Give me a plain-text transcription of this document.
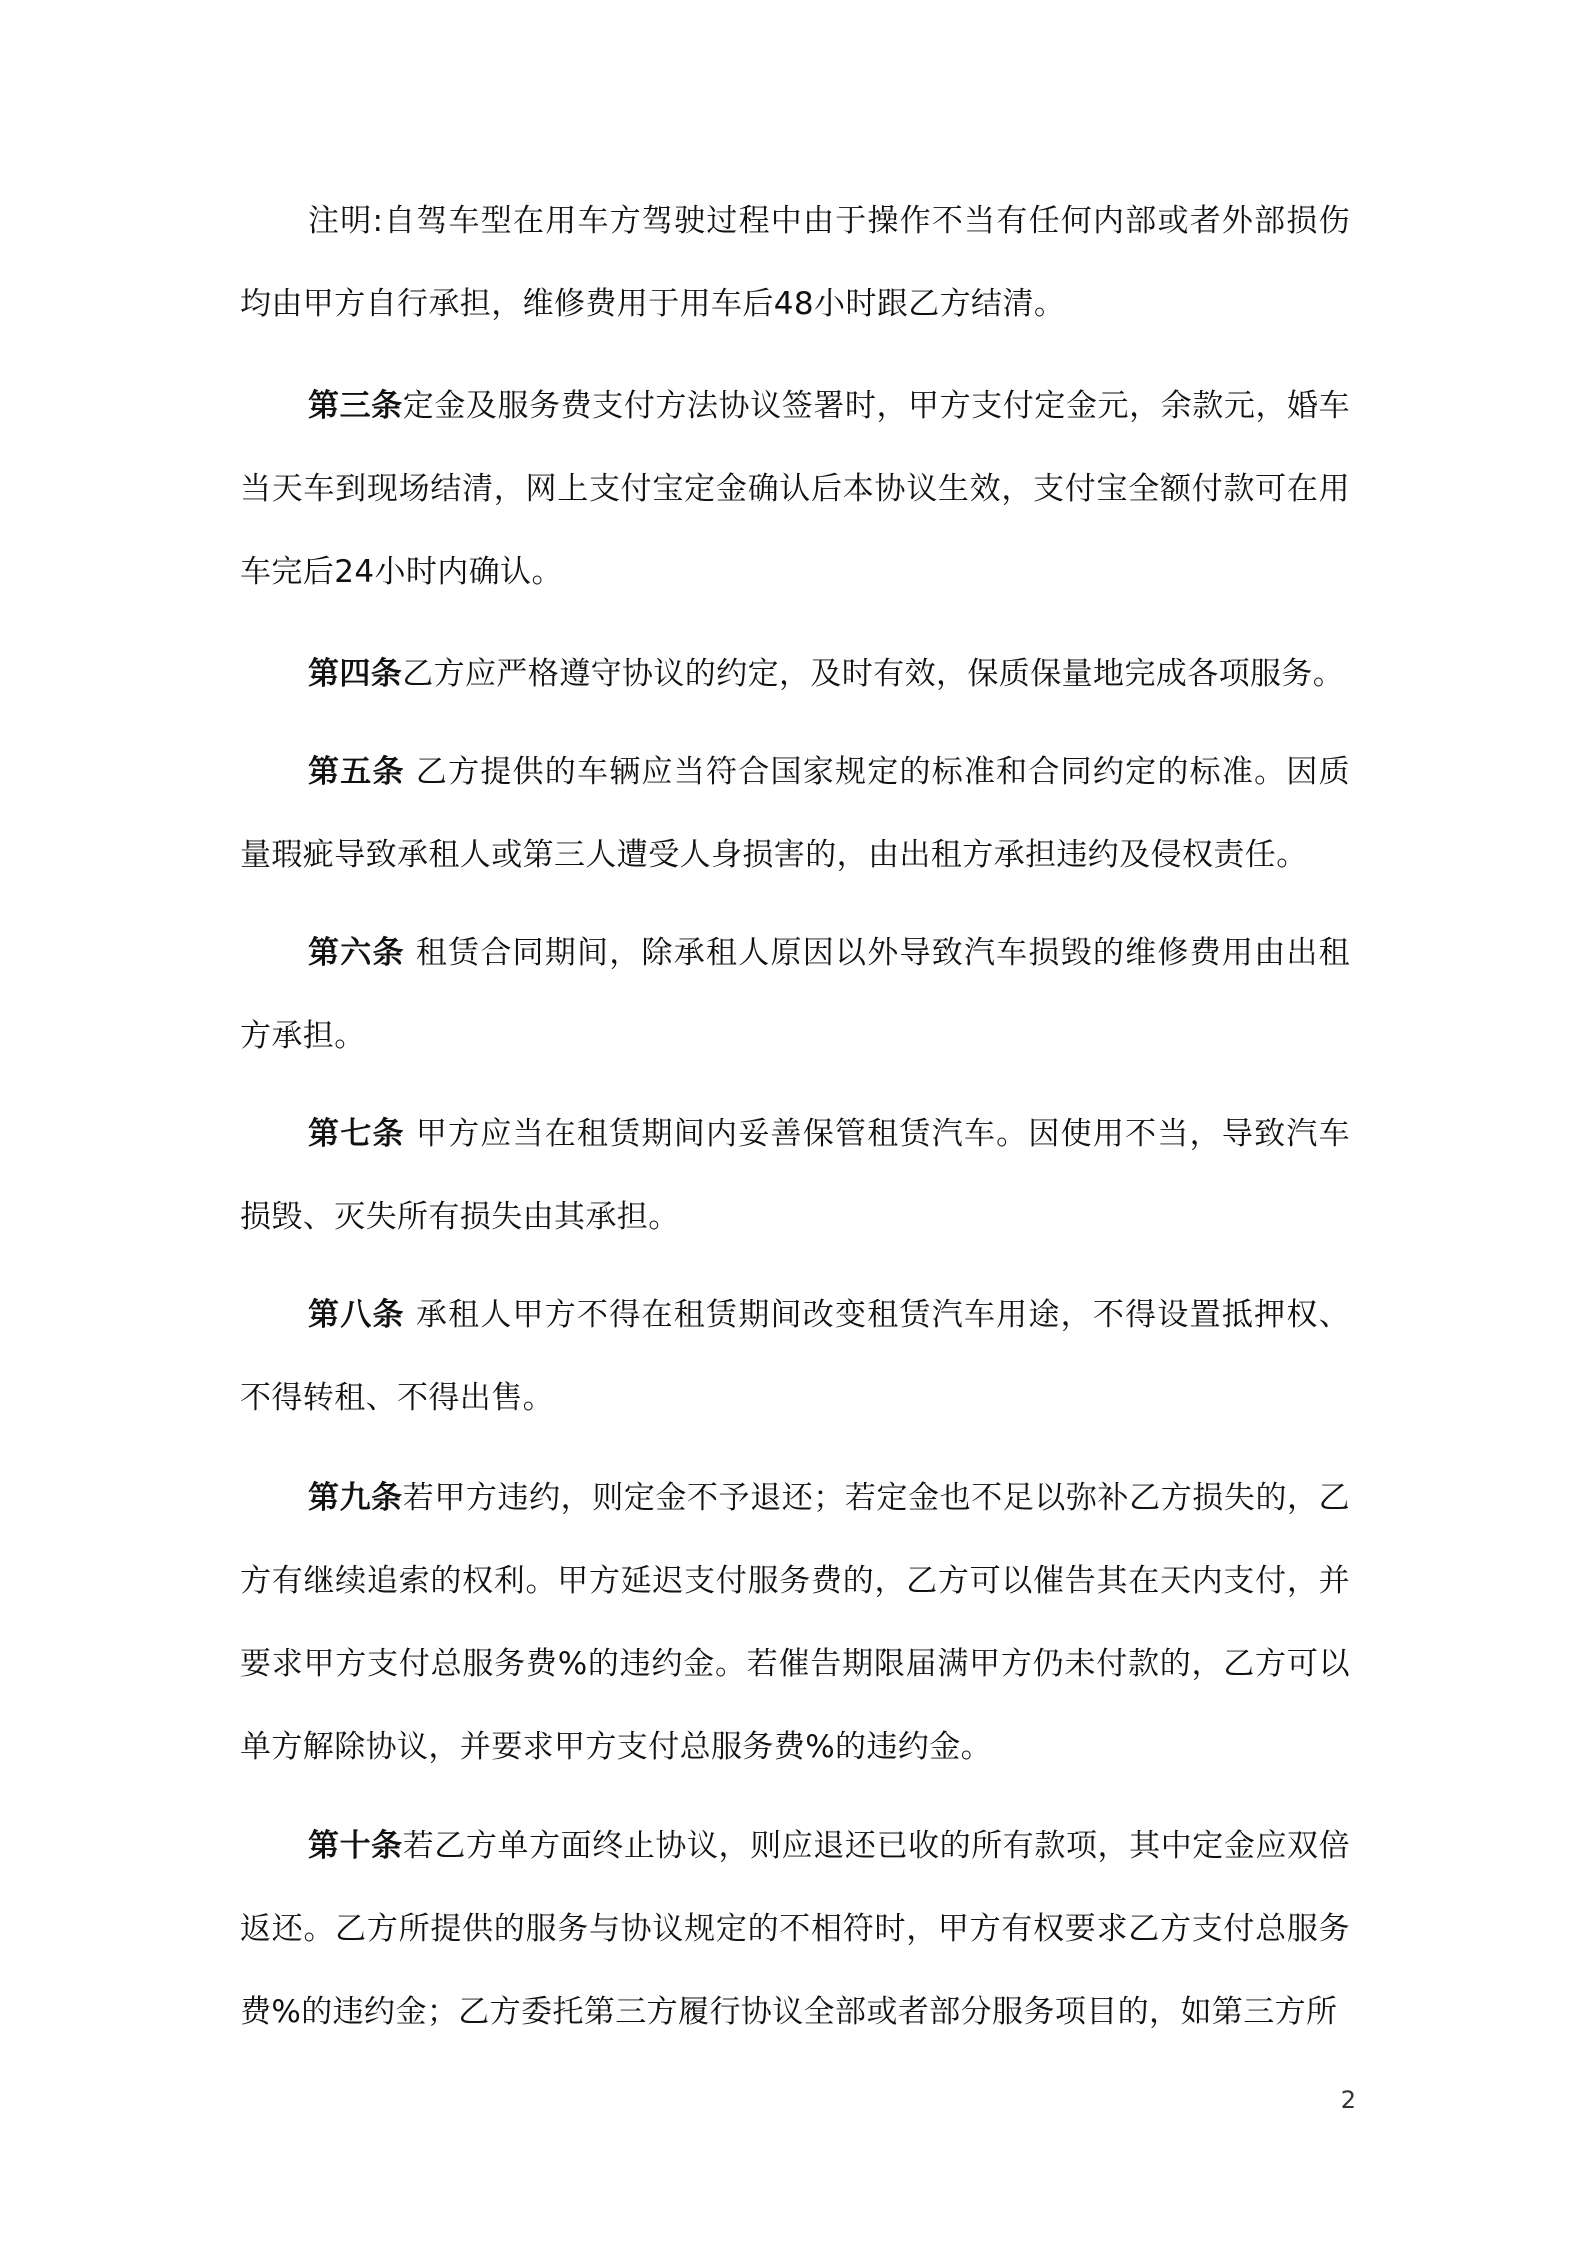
注明:自驾车型在用车方驾驶过程中由于操作不当有任何内部或者外部损伤均由甲方自行承担，维修费用于用车后48小时跟乙方结清。

第三条定金及服务费支付方法协议签署时，甲方支付定金元，余款元，婚车当天车到现场结清，网上支付宝定金确认后本协议生效，支付宝全额付款可在用车完后24小时内确认。

第四条乙方应严格遵守协议的约定，及时有效，保质保量地完成各项服务。

第五条 乙方提供的车辆应当符合国家规定的标准和合同约定的标准。因质量瑕疵导致承租人或第三人遭受人身损害的，由出租方承担违约及侵权责任。

第六条 租赁合同期间，除承租人原因以外导致汽车损毁的维修费用由出租方承担。

第七条 甲方应当在租赁期间内妥善保管租赁汽车。因使用不当，导致汽车损毁、灭失所有损失由其承担。

第八条 承租人甲方不得在租赁期间改变租赁汽车用途，不得设置抵押权、不得转租、不得出售。

第九条若甲方违约，则定金不予退还；若定金也不足以弥补乙方损失的，乙方有继续追索的权利。甲方延迟支付服务费的，乙方可以催告其在天内支付，并要求甲方支付总服务费%的违约金。若催告期限届满甲方仍未付款的，乙方可以单方解除协议，并要求甲方支付总服务费%的违约金。

第十条若乙方单方面终止协议，则应退还已收的所有款项，其中定金应双倍返还。乙方所提供的服务与协议规定的不相符时，甲方有权要求乙方支付总服务费%的违约金；乙方委托第三方履行协议全部或者部分服务项目的，如第三方所

2
